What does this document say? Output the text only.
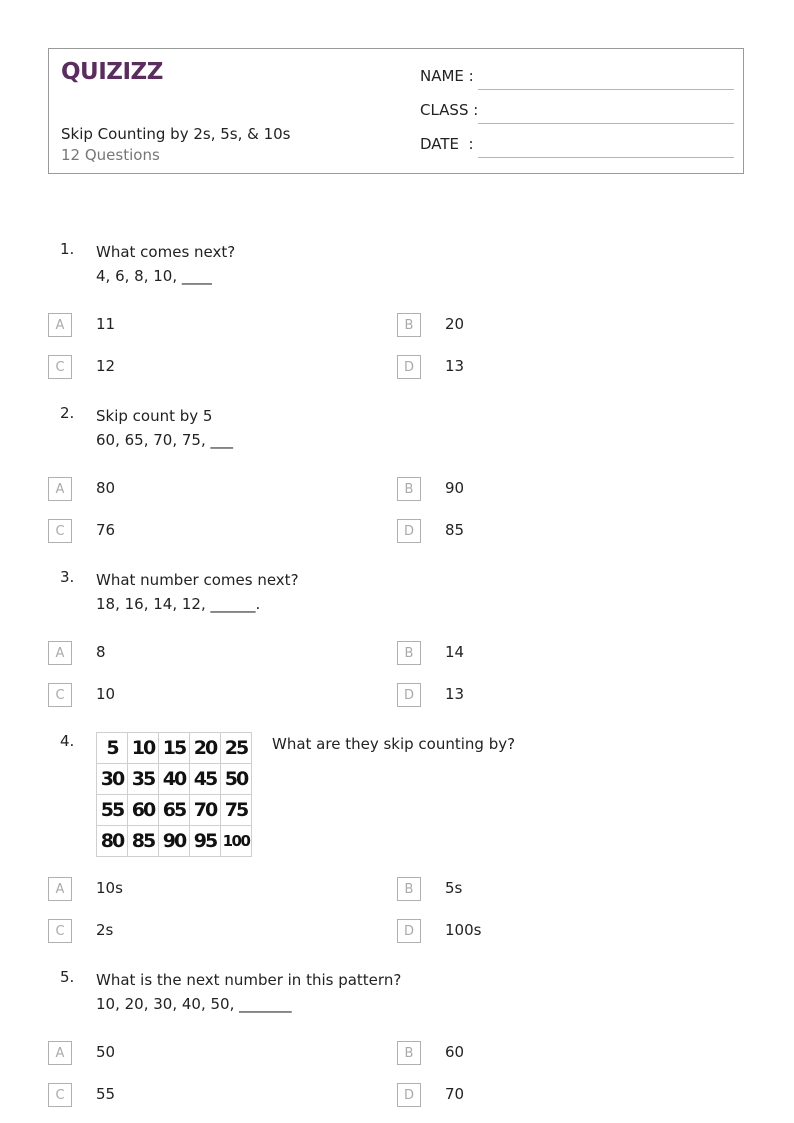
QUIZIZZ
Skip Counting by 2s, 5s, & 10s
12 Questions
NAME :
CLASS :
DATE  :
1. What comes next?
4, 6, 8, 10, ____
A	11	B	20
C	12	D	13
2. Skip count by 5
60, 65, 70, 75, ___
A	80	B	90
C	76	D	85
3. What number comes next?
18, 16, 14, 12, ______.
A	8	B	14
C	10	D	13
4. 5	10	15	20	25
30	35	40	45	50
55	60	65	70	75
80	85	90	95	100
What are they skip counting by?
A	10s	B	5s
C	2s	D	100s
5. What is the next number in this pattern?
10, 20, 30, 40, 50, _______
A	50	B	60
C	55	D	70
